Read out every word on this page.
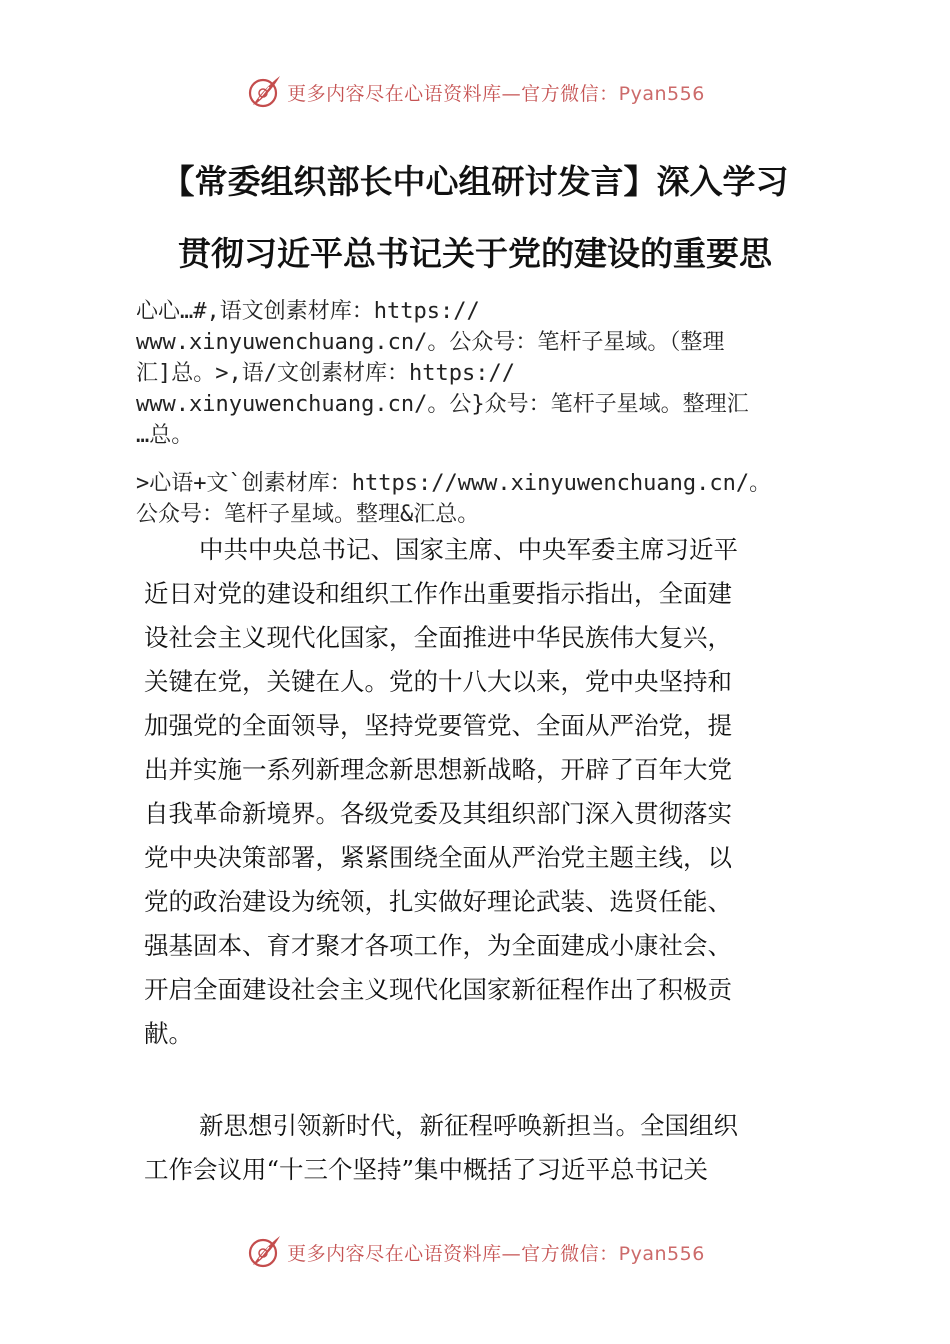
更多内容尽在心语资料库—官方微信：Pyan556
【常委组织部长中心组研讨发言】深入学习
贯彻习近平总书记关于党的建设的重要思
心心…#,语文创素材库：https://
www.xinyuwenchuang.cn/。公众号：笔杆子星域。（整理
汇]总。>,语/文创素材库：https://
www.xinyuwenchuang.cn/。公}众号：笔杆子星域。整理汇
…总。
>心语+文`创素材库：https://www.xinyuwenchuang.cn/。
公众号：笔杆子星域。整理&汇总。
中共中央总书记、国家主席、中央军委主席习近平
近日对党的建设和组织工作作出重要指示指出，全面建
设社会主义现代化国家，全面推进中华民族伟大复兴，
关键在党，关键在人。党的十八大以来，党中央坚持和
加强党的全面领导，坚持党要管党、全面从严治党，提
出并实施一系列新理念新思想新战略，开辟了百年大党
自我革命新境界。各级党委及其组织部门深入贯彻落实
党中央决策部署，紧紧围绕全面从严治党主题主线，以
党的政治建设为统领，扎实做好理论武装、选贤任能、
强基固本、育才聚才各项工作，为全面建成小康社会、
开启全面建设社会主义现代化国家新征程作出了积极贡
献。
新思想引领新时代，新征程呼唤新担当。全国组织
工作会议用“十三个坚持”集中概括了习近平总书记关
更多内容尽在心语资料库—官方微信：Pyan556
